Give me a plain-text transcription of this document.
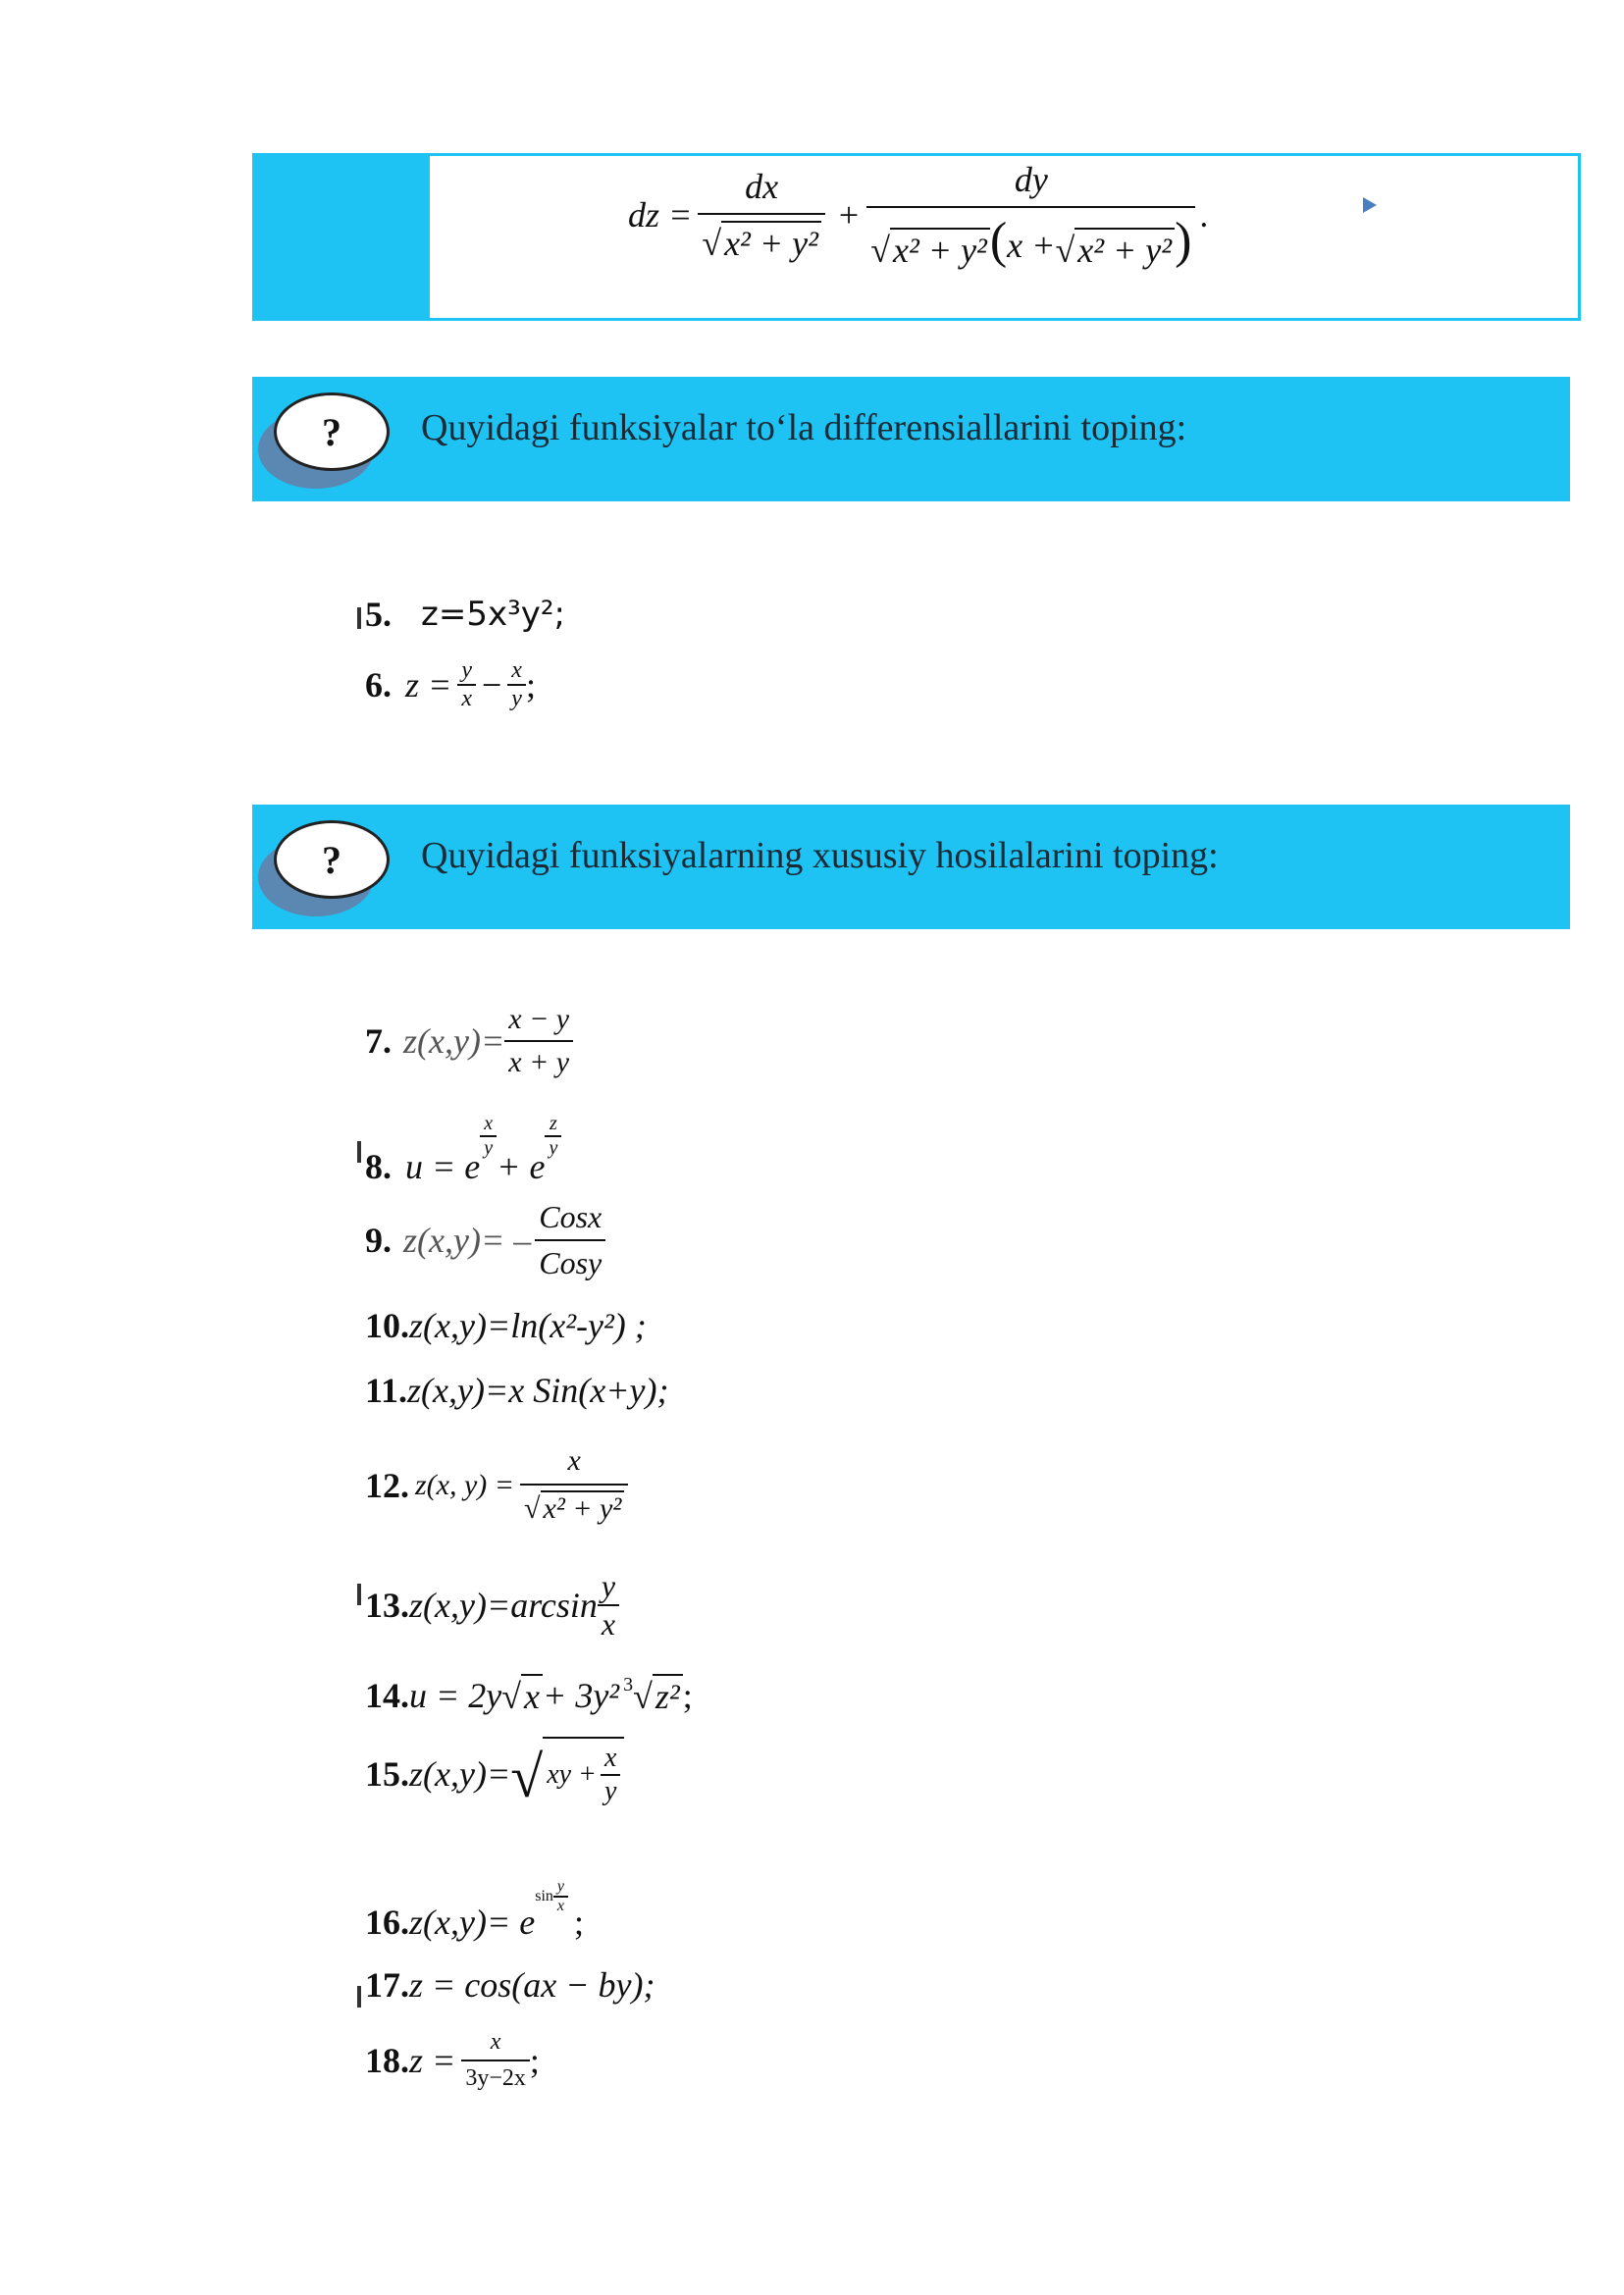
dz = $\frac{dx}{\text{√ x² + y²}} + \frac{dy}{\text{√ x² + y² (x + √ x² + y² )}}$ .
?	Quyidagi funksiyalar to‘la differensiallarini toping:
5. z=5x³y²;
6. $z = \frac{y}{x} - \frac{x}{y}$ ;
?	Quyidagi funksiyalarning xususiy hosilalarini toping:
7. $z(x,y)= \frac{x - y}{x + y}$
8. u = e
$\frac{x}{y}$
+ e
$\frac{z}{y}$
9. $z(x,y)= - \frac{\text{Cosx}}{\text{Cosy}}$
10. z(x,y)=ln(x²-y²) ;
11. z(x,y)=x Sin(x+y);
12. z(x, $y) = \frac{x}{\text{√ x² + y²}}$
13. $z(x,y)=\arcsin \frac{y}{x}$
14. u = 2y √ x + 3y² 3 √ z² ;
15. z(x,y)= √ xy + $\frac{x}{y}$
16. z(x,y)= e
$\sin \frac{y}{x}$
;
17. z = cos(ax − by);
18. $z = \frac{x}{3y-2x}$ ;
